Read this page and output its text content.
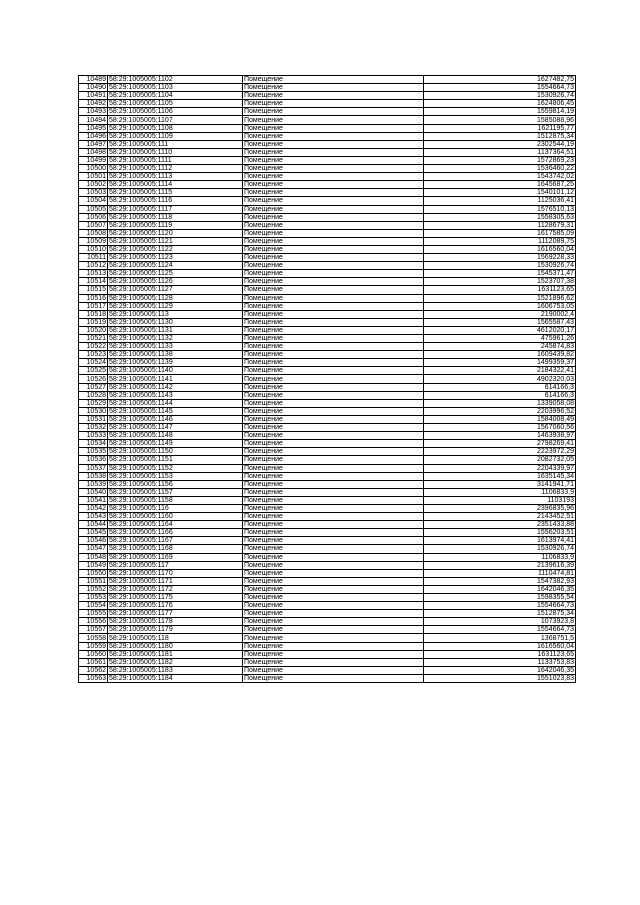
10489	58:29:1005005:1102	Помещение	1627482,75
10490	58:29:1005005:1103	Помещение	1554664,73
10491	58:29:1005005:1104	Помещение	1530926,74
10492	58:29:1005005:1105	Помещение	1624806,45
10493	58:29:1005005:1106	Помещение	1559814,19
10494	58:29:1005005:1107	Помещение	1585088,96
10495	58:29:1005005:1108	Помещение	1621195,77
10496	58:29:1005005:1109	Помещение	1512875,34
10497	58:29:1005005:111	Помещение	2302544,19
10498	58:29:1005005:1110	Помещение	1137364,51
10499	58:29:1005005:1111	Помещение	1572869,23
10500	58:29:1005005:1112	Помещение	1536460,22
10501	58:29:1005005:1113	Помещение	1543742,02
10502	58:29:1005005:1114	Помещение	1645687,25
10503	58:29:1005005:1115	Помещение	1540101,12
10504	58:29:1005005:1116	Помещение	1125036,41
10505	58:29:1005005:1117	Помещение	1576510,13
10506	58:29:1005005:1118	Помещение	1558305,63
10507	58:29:1005005:1119	Помещение	1128679,31
10508	58:29:1005005:1120	Помещение	1617585,09
10509	58:29:1005005:1121	Помещение	1112089,75
10510	58:29:1005005:1122	Помещение	1616560,04
10511	58:29:1005005:1123	Помещение	1569228,33
10512	58:29:1005005:1124	Помещение	1530926,74
10513	58:29:1005005:1125	Помещение	1545371,47
10514	58:29:1005005:1126	Помещение	1523707,38
10515	58:29:1005005:1127	Помещение	1631123,65
10516	58:29:1005005:1128	Помещение	1521896,62
10517	58:29:1005005:1129	Помещение	1606753,05
10518	58:29:1005005:113	Помещение	2190002,4
10519	58:29:1005005:1130	Помещение	1565587,43
10520	58:29:1005005:1131	Помещение	4612020,17
10521	58:29:1005005:1132	Помещение	475961,26
10522	58:29:1005005:1133	Помещение	245874,83
10523	58:29:1005005:1138	Помещение	1609439,82
10524	58:29:1005005:1139	Помещение	1499359,37
10525	58:29:1005005:1140	Помещение	2184322,41
10526	58:29:1005005:1141	Помещение	4902320,03
10527	58:29:1005005:1142	Помещение	614166,3
10528	58:29:1005005:1143	Помещение	614166,3
10529	58:29:1005005:1144	Помещение	1339058,08
10530	58:29:1005005:1145	Помещение	2203996,52
10531	58:29:1005005:1146	Помещение	1584008,49
10532	58:29:1005005:1147	Помещение	1567060,56
10533	58:29:1005005:1148	Помещение	1463938,97
10534	58:29:1005005:1149	Помещение	2798269,41
10535	58:29:1005005:1150	Помещение	2223972,29
10536	58:29:1005005:1151	Помещение	2082732,05
10537	58:29:1005005:1152	Помещение	2204339,97
10538	58:29:1005005:1153	Помещение	1635145,34
10539	58:29:1005005:1156	Помещение	3141941,71
10540	58:29:1005005:1157	Помещение	1106833,9
10541	58:29:1005005:1158	Помещение	1103193
10542	58:29:1005005:116	Помещение	2396835,96
10543	58:29:1005005:1160	Помещение	2143452,51
10544	58:29:1005005:1164	Помещение	2351433,88
10545	58:29:1005005:1166	Помещение	1556203,51
10546	58:29:1005005:1167	Помещение	1613974,41
10547	58:29:1005005:1168	Помещение	1530926,74
10548	58:29:1005005:1169	Помещение	1106833,9
10549	58:29:1005005:117	Помещение	2139616,39
10550	58:29:1005005:1170	Помещение	1110474,81
10551	58:29:1005005:1171	Помещение	1547382,93
10552	58:29:1005005:1172	Помещение	1642046,35
10553	58:29:1005005:1175	Помещение	1598355,54
10554	58:29:1005005:1176	Помещение	1554664,73
10555	58:29:1005005:1177	Помещение	1512875,34
10556	58:29:1005005:1178	Помещение	1073923,8
10557	58:29:1005005:1179	Помещение	1554664,73
10558	58:29:1005005:118	Помещение	1368751,5
10559	58:29:1005005:1180	Помещение	1616560,04
10560	58:29:1005005:1181	Помещение	1631123,65
10561	58:29:1005005:1182	Помещение	1133753,83
10562	58:29:1005005:1183	Помещение	1642046,35
10563	58:29:1005005:1184	Помещение	1551023,83
